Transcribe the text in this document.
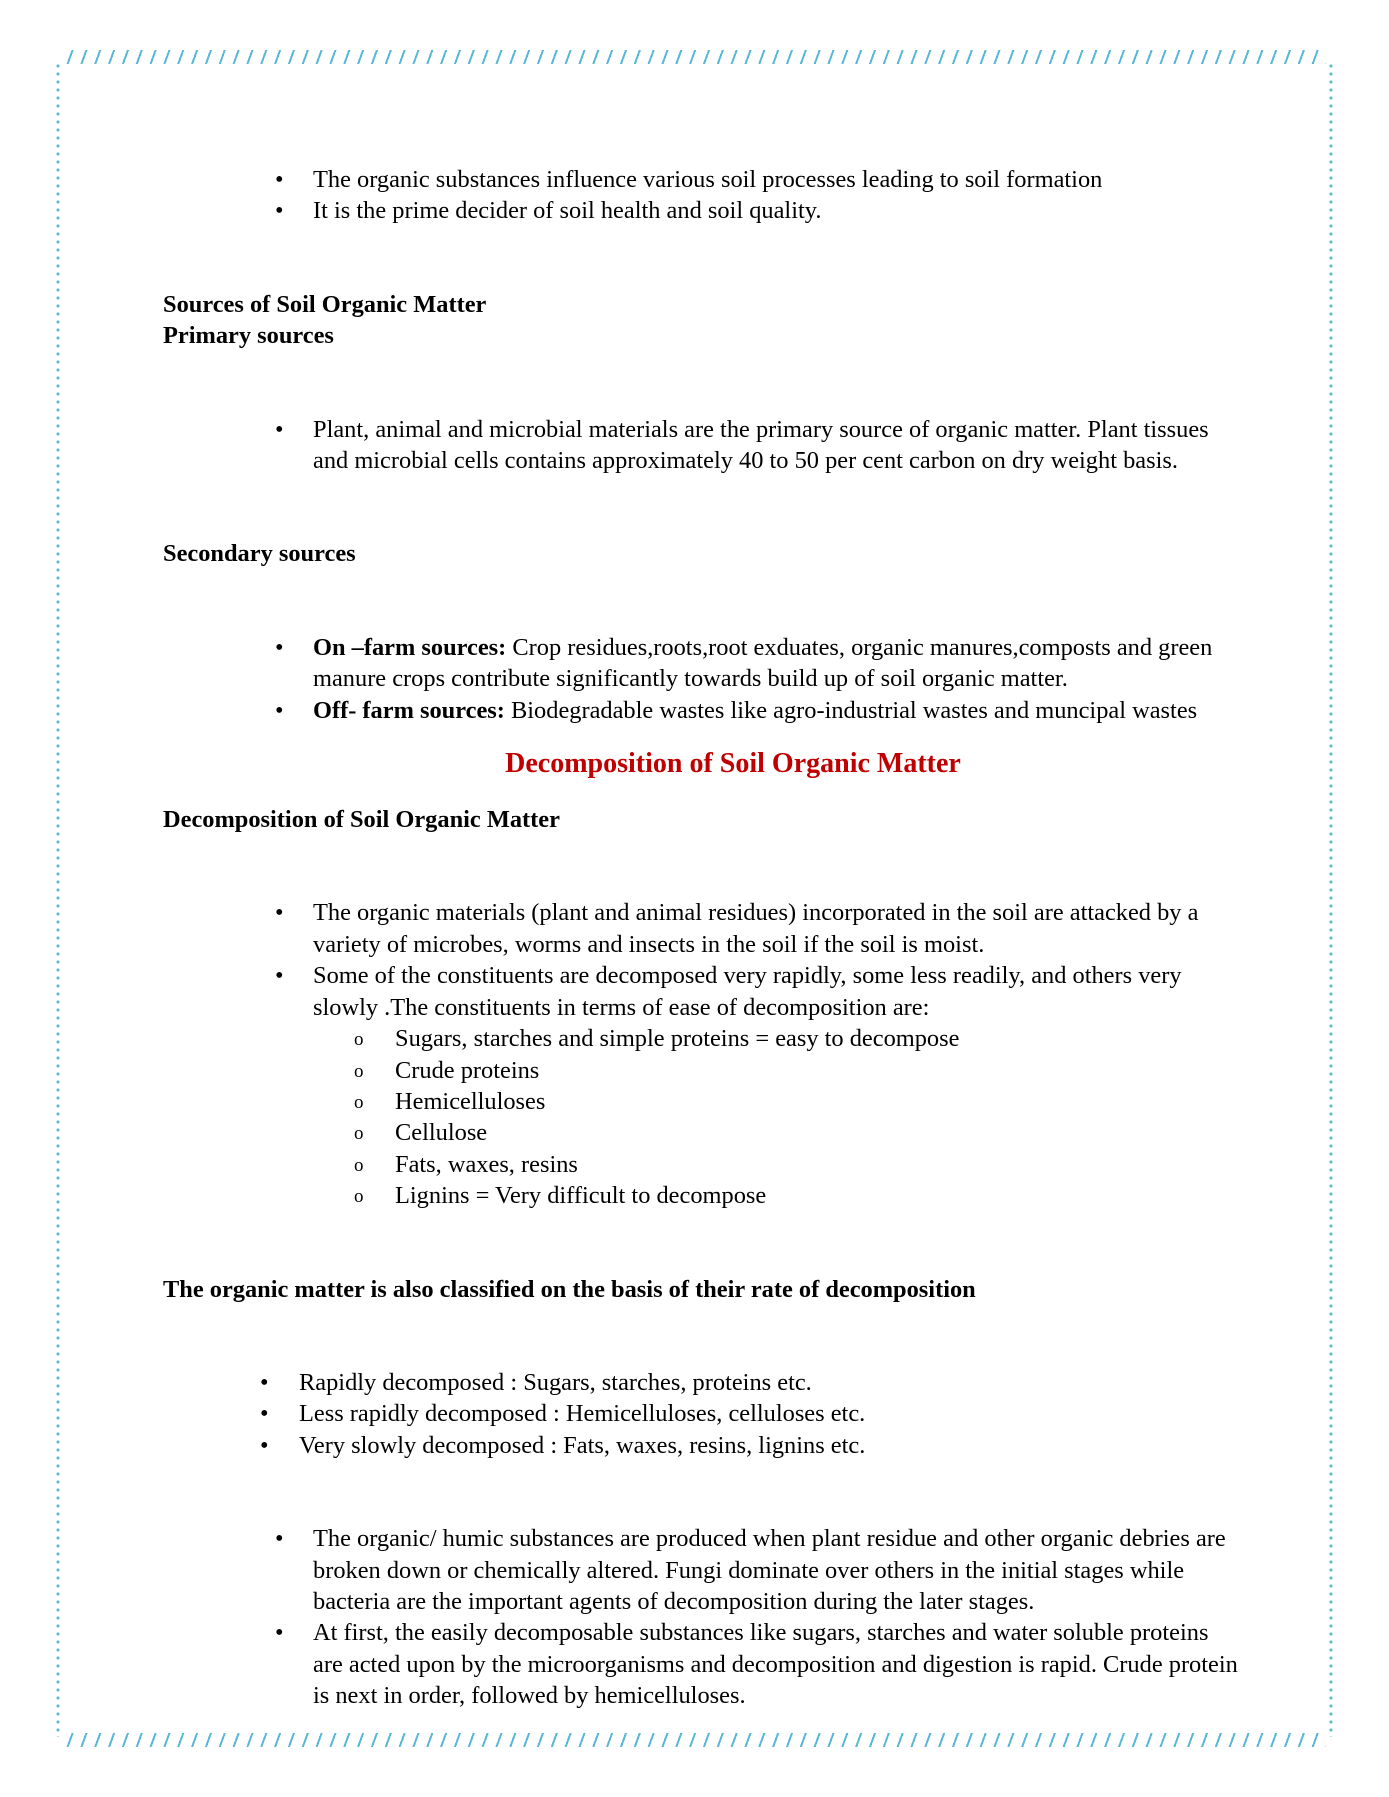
• The organic substances influence various soil processes leading to soil formation
• It is the prime decider of soil health and soil quality.

Sources of Soil Organic Matter

Primary sources

• Plant, animal and microbial materials are the primary source of organic matter. Plant tissues and microbial cells contains approximately 40 to 50 per cent carbon on dry weight basis.

Secondary sources

• On –farm sources: Crop residues,roots,root exduates, organic manures,composts and green manure crops contribute significantly towards build up of soil organic matter.
• Off- farm sources: Biodegradable wastes like agro-industrial wastes and muncipal wastes
Decomposition of Soil Organic Matter

Decomposition of Soil Organic Matter

• The organic materials (plant and animal residues) incorporated in the soil are attacked by a variety of microbes, worms and insects in the soil if the soil is moist.
• Some of the constituents are decomposed very rapidly, some less readily, and others very slowly .The constituents in terms of ease of decomposition are:
o Sugars, starches and simple proteins = easy to decompose
o Crude proteins
o Hemicelluloses
o Cellulose
o Fats, waxes, resins
o Lignins = Very difficult to decompose

The organic matter is also classified on the basis of their rate of decomposition

• Rapidly decomposed : Sugars, starches, proteins etc.
• Less rapidly decomposed : Hemicelluloses, celluloses etc.
• Very slowly decomposed : Fats, waxes, resins, lignins etc.
• The organic/ humic substances are produced when plant residue and other organic debries are broken down or chemically altered. Fungi dominate over others in the initial stages while bacteria are the important agents of decomposition during the later stages.
• At first, the easily decomposable substances like sugars, starches and water soluble proteins are acted upon by the microorganisms and decomposition and digestion is rapid. Crude protein is next in order, followed by hemicelluloses.
